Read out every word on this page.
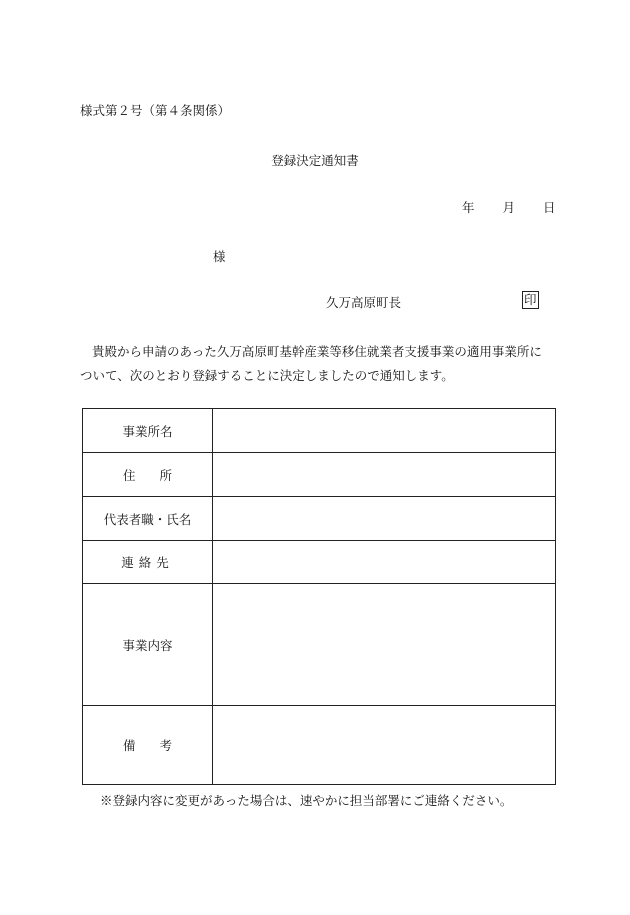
様式第２号（第４条関係）
登録決定通知書
年 月 日
様
久万高原町長	印
貴殿から申請のあった久万高原町基幹産業等移住就業者支援事業の適用事業所について、次のとおり登録することに決定しましたので通知します。
事業所名	
住所	
代表者職・氏名	
連絡先	
事業内容	
備考	
※登録内容に変更があった場合は、速やかに担当部署にご連絡ください。
